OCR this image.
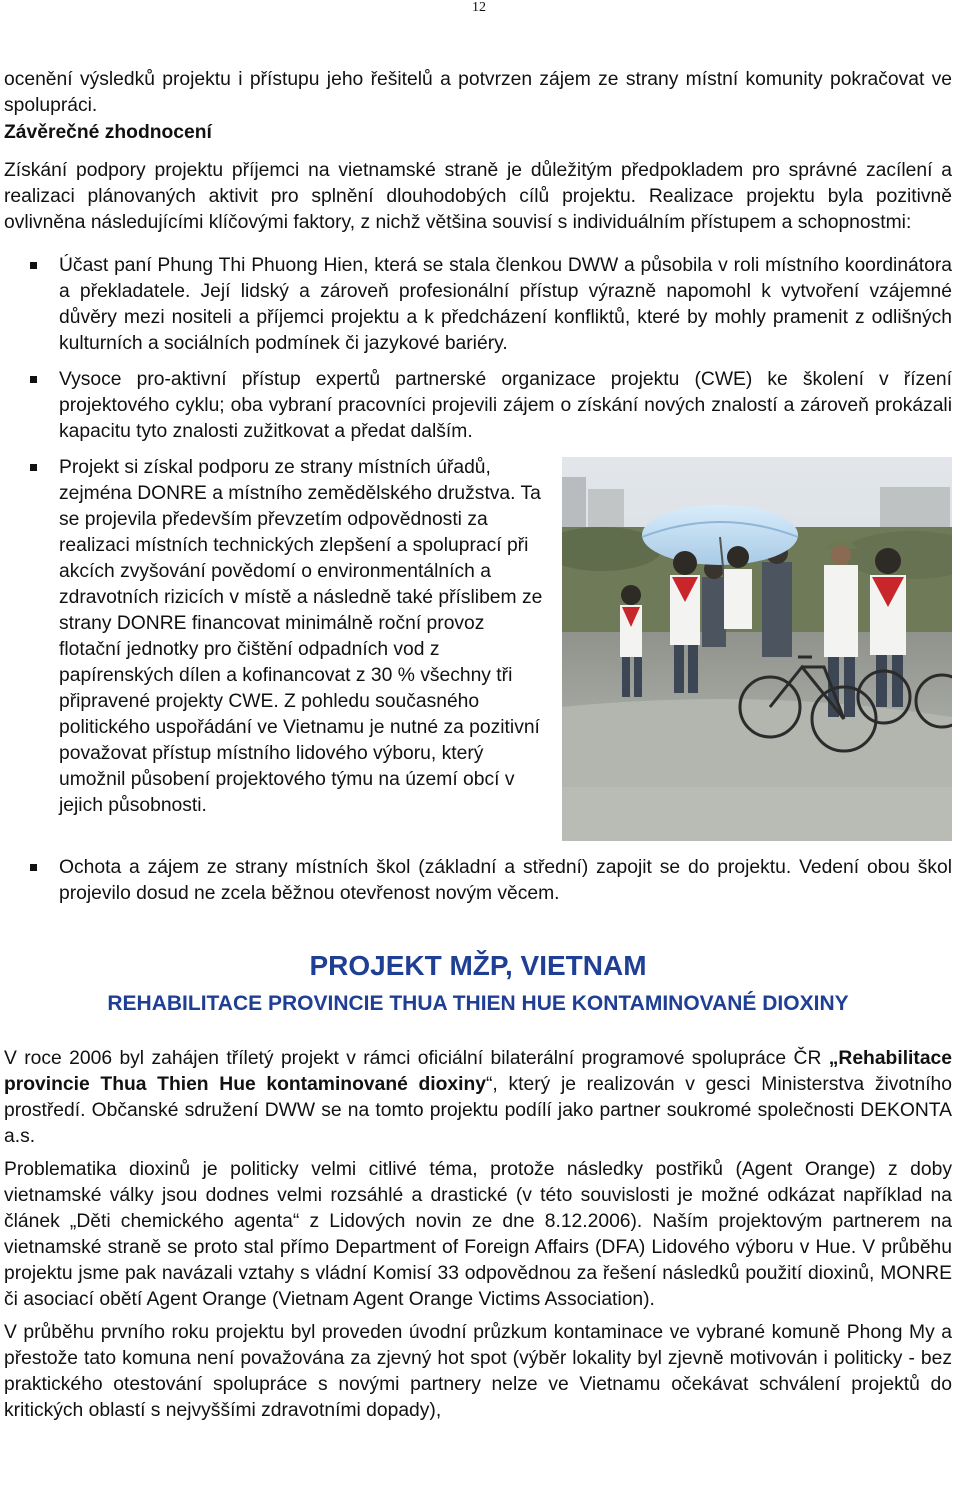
12

ocenění výsledků projektu i přístupu jeho řešitelů a potvrzen zájem ze strany místní komunity pokračovat ve spolupráci.

Závěrečné zhodnocení

Získání podpory projektu příjemci na vietnamské straně je důležitým předpokladem pro správné zacílení a realizaci plánovaných aktivit pro splnění dlouhodobých cílů projektu. Realizace projektu byla pozitivně ovlivněna následujícími klíčovými faktory, z nichž většina souvisí s individuálním přístupem a schopnostmi:

Účast paní Phung Thi Phuong Hien, která se stala členkou DWW a působila v roli místního koordinátora a překladatele. Její lidský a zároveň profesionální přístup výrazně napomohl k vytvoření vzájemné důvěry mezi nositeli a příjemci projektu a k předcházení konfliktů, které by mohly pramenit z odlišných kulturních a sociálních podmínek či jazykové bariéry.
Vysoce pro-aktivní přístup expertů partnerské organizace projektu (CWE) ke školení v řízení projektového cyklu; oba vybraní pracovníci projevili zájem o získání nových znalostí a zároveň prokázali kapacitu tyto znalosti zužitkovat a předat dalším.
Projekt si získal podporu ze strany místních úřadů, zejména DONRE a místního zemědělského družstva. Ta se projevila především převzetím odpovědnosti za realizaci místních technických zlepšení a spoluprací při akcích zvyšování povědomí o environmentálních a zdravotních rizicích v místě a následně také příslibem ze strany DONRE financovat minimálně roční provoz flotační jednotky pro čištění odpadních vod z papírenských dílen a kofinancovat z 30 % všechny tři připravené projekty CWE. Z pohledu současného politického uspořádání ve Vietnamu je nutné za pozitivní považovat přístup místního lidového výboru, který umožnil působení projektového týmu na území obcí v jejich působnosti.
Ochota a zájem ze strany místních škol (základní a střední) zapojit se do projektu. Vedení obou škol projevilo dosud ne zcela běžnou otevřenost novým věcem.
PROJEKT MŽP, VIETNAM
REHABILITACE PROVINCIE THUA THIEN HUE KONTAMINOVANÉ DIOXINY

V roce 2006 byl zahájen tříletý projekt v rámci oficiální bilaterální programové spolupráce ČR „Rehabilitace provincie Thua Thien Hue kontaminované dioxiny“, který je realizován v gesci Ministerstva životního prostředí. Občanské sdružení DWW se na tomto projektu podílí jako partner soukromé společnosti DEKONTA a.s.

Problematika dioxinů je politicky velmi citlivé téma, protože následky postřiků (Agent Orange) z doby vietnamské války jsou dodnes velmi rozsáhlé a drastické (v této souvislosti je možné odkázat například na článek „Děti chemického agenta“ z Lidových novin ze dne 8.12.2006). Naším projektovým partnerem na vietnamské straně se proto stal přímo Department of Foreign Affairs (DFA) Lidového výboru v Hue. V průběhu projektu jsme pak navázali vztahy s vládní Komisí 33 odpovědnou za řešení následků použití dioxinů, MONRE či asociací obětí Agent Orange (Vietnam Agent Orange Victims Association).

V průběhu prvního roku projektu byl proveden úvodní průzkum kontaminace ve vybrané komuně Phong My a přestože tato komuna není považována za zjevný hot spot (výběr lokality byl zjevně motivován i politicky - bez praktického otestování spolupráce s novými partnery nelze ve Vietnamu očekávat schválení projektů do kritických oblastí s nejvyššími zdravotními dopady),
